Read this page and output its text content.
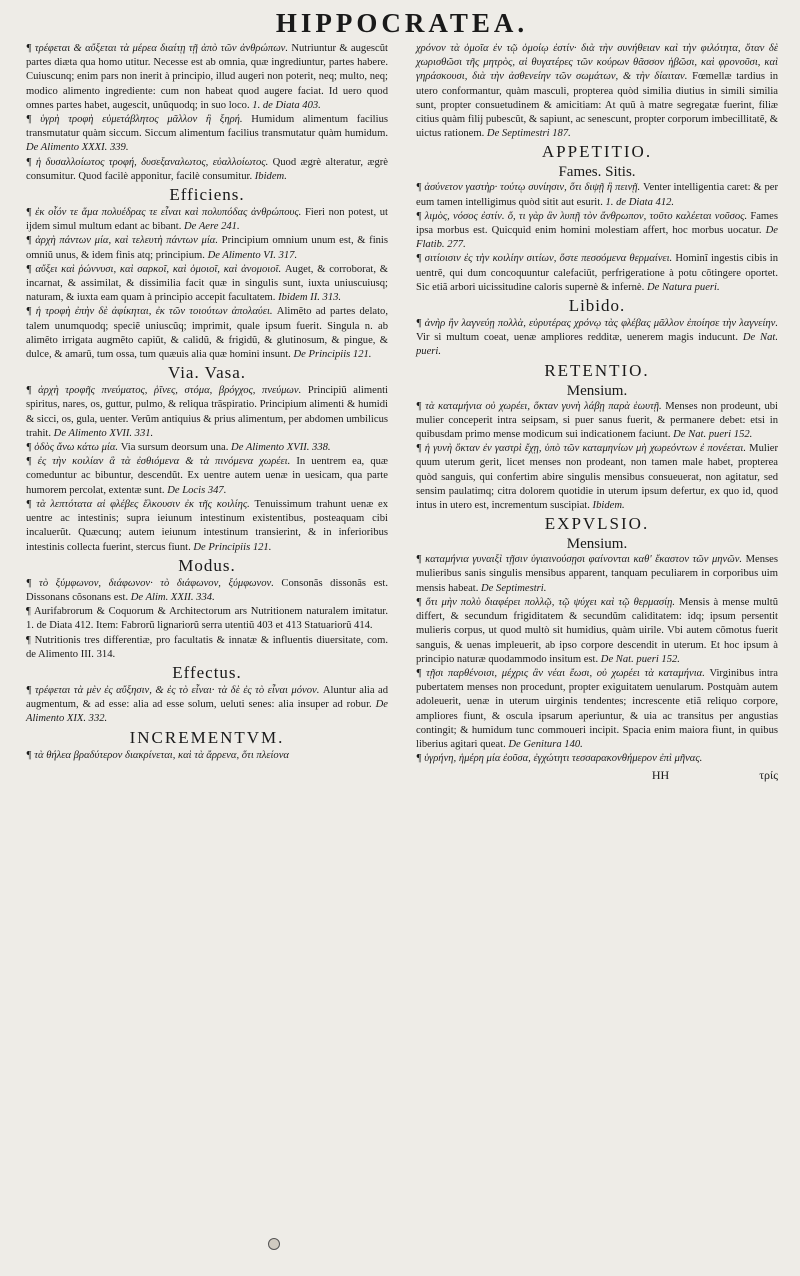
HIPPOCRATEA.

¶ τρέφεται & αὔξεται τὰ μέρεα διαίτῃ τῇ ἀπὸ τῶν ἀνθρώπων. Nutriuntur & augescũt partes diæta qua homo utitur. Necesse est ab omnia, quæ ingrediuntur, partes habere. Cuiuscunq; enim pars non inerit à principio, illud augeri non poterit, neq; multo, neq; modico alimento ingrediente: cum non habeat quod augere faciat. Id uero quod omnes partes habet, augescit, unũquodq; in suo loco. 1. de Diata 403.

¶ ὑγρὴ τροφὴ εὐμετάβλητος μᾶλλον ἢ ξηρή. Humidum alimentum facilius transmutatur quàm siccum. Siccum alimentum facilius transmutatur quàm humidum. De Alimento XXXI. 339.

¶ ἡ δυσαλλοίωτος τροφή, δυσεξαναλωτος, εὐαλλοίωτος. Quod ægrè alteratur, ægrè consumitur. Quod facilè apponitur, facilè consumitur. Ibidem.

Efficiens.

¶ ἐκ οἷόν τε ἅμα πολυέδρας τε εἶναι καὶ πολυπόδας ἀνθρώπους. Fieri non potest, ut ijdem simul multum edant ac bibant. De Aere 241.

¶ ἀρχὴ πάντων μία, καὶ τελευτὴ πάντων μία. Principium omnium unum est, & finis omniũ unus, & idem finis atq; principium. De Alimento VI. 317.

¶ αὔξει καὶ ῥώννυσι, καὶ σαρκοῖ, καὶ ὁμοιοῖ, καὶ ἀνομοιοῖ. Auget, & corroborat, & incarnat, & assimilat, & dissimilia facit quæ in singulis sunt, iuxta uniuscuiusq; naturam, & iuxta eam quam à principio accepit facultatem. Ibidem II. 313.

¶ ἡ τροφὴ ἐπὴν δὲ ἀφίκηται, ἐκ τῶν τοιούτων ἀπολαύει. Alimẽto ad partes delato, talem unumquodq; speciẽ uniuscũq; imprimit, quale ipsum fuerit. Singula n. ab alimẽto irrigata augmẽto capiũt, & calidũ, & frigidũ, & glutinosum, & pingue, & dulce, & amarũ, tum ossa, tum quæuis alia quæ homini insunt. De Principiis 121.

Via. Vasa.

¶ ἀρχὴ τροφῆς πνεύματος, ῥῖνες, στόμα, βρόγχος, πνεύμων. Principiũ alimenti spiritus, nares, os, guttur, pulmo, & reliqua trãspiratio. Principium alimenti & humidi & sicci, os, gula, uenter. Verũm antiquius & prius alimentum, per abdomen umbilicus trahit. De Alimento XVII. 331.

¶ ὁδὸς ἄνω κάτω μία. Via sursum deorsum una. De Alimento XVII. 338.

¶ ἐς τὴν κοιλίαν ἃ τὰ ἐσθιόμενα & τὰ πινόμενα χωρέει. In uentrem ea, quæ comeduntur ac bibuntur, descendũt. Ex uentre autem uenæ in uesicam, qua parte humorem percolat, extentæ sunt. De Locis 347.

¶ τὰ λεπτότατα αἱ φλέβες ἕλκουσιν ἐκ τῆς κοιλίης. Tenuissimum trahunt uenæ ex uentre ac intestinis; supra ieiunum intestinum existentibus, posteaquam cibi incaluerũt. Quæcunq; autem ieiunum intestinum transierint, & in inferioribus intestinis collecta fuerint, stercus fiunt. De Principiis 121.

Modus.

¶ τὸ ξύμφωνον, διάφωνον· τὸ διάφωνον, ξύμφωνον. Consonãs dissonãs est. Dissonans cõsonans est. De Alim. XXII. 334.

¶ Aurifabrorum & Coquorum & Architectorum ars Nutritionem naturalem imitatur. 1. de Diata 412. Item: Fabrorũ lignariorũ serra utentiũ 403 et 413 Statuariorũ 414.

¶ Nutritionis tres differentiæ, pro facultatis & innatæ & influentis diuersitate, com. de Alimento III. 314.

Effectus.

¶ τρέφεται τὰ μὲν ἐς αὔξησιν, & ἐς τὸ εἶναι· τὰ δὲ ἐς τὸ εἶναι μόνον. Aluntur alia ad augmentum, & ad esse: alia ad esse solum, ueluti senes: alia insuper ad robur. De Alimento XIX. 332.

INCREMENTVM.

¶ τὰ θήλεα βραδύτερον διακρίνεται, καὶ τὰ ἄρρενα, ὅτι πλείονα

χρόνον τὰ ὁμοῖα ἐν τῷ ὁμοίῳ ἐστίν· διὰ τὴν συνήθειαν καὶ τὴν φιλότητα, ὅταν δὲ χωρισθῶσι τῆς μητρὸς, αἱ θυγατέρες τῶν κούρων θᾶσσον ἡβῶσι, καὶ φρονοῦσι, καὶ γηράσκουσι, διὰ τὴν ἀσθενείην τῶν σωμάτων, & τὴν δίαιταν. Fœmellæ tardius in utero conformantur, quàm masculi, propterea quòd similia diutius in simili similia sunt, propter consuetudinem & amicitiam: At quũ à matre segregatæ fuerint, filiæ citius quàm filij pubescũt, & sapiunt, ac senescunt, propter corporum imbecillitatẽ, & uictus rationem. De Septimestri 187.

APPETITIO.
Fames. Sitis.

¶ ἀσύνετον γαστὴρ· τούτῳ συνίησιν, ὅτι διψῇ ἢ πεινῇ. Venter intelligentia caret: & per eum tamen intelligimus quòd sitit aut esurit. 1. de Diata 412.

¶ λιμὸς, νόσος ἐστίν. ὅ, τι γὰρ ἂν λυπῇ τὸν ἄνθρωπον, τοῦτο καλέεται νοῦσος. Fames ipsa morbus est. Quicquid enim homini molestiam affert, hoc morbus uocatur. De Flatib. 277.

¶ σιτίοισιν ἐς τὴν κοιλίην σιτίων, ὅστε πεσσόμενα θερμαίνει. Hominĩ ingestis cibis in uentrẽ, qui dum concoquuntur calefaciũt, perfrigeratione à potu cõtingere oportet. Sic etiã arbori uicissitudine caloris supernè & infernè. De Natura pueri.

Libido.

¶ ἀνὴρ ἢν λαγνεύῃ πολλὰ, εὐρυτέρας χρόνῳ τὰς φλέβας μᾶλλον ἐποίησε τὴν λαγνείην. Vir si multum coeat, uenæ ampliores redditæ, uenerem magis inducunt. De Nat. pueri.

RETENTIO.
Mensium.

¶ τὰ καταμήνια οὐ χωρέει, ὅκταν γυνὴ λάβῃ παρὰ ἑωυτῇ. Menses non prodeunt, ubi mulier conceperit intra seipsam, si puer sanus fuerit, & permanere debet: etsi in quibusdam primo mense modicum sui indicationem faciunt. De Nat. pueri 152.

¶ ἡ γυνὴ ὅκταν ἐν γαστρὶ ἔχῃ, ὑπὸ τῶν καταμηνίων μὴ χωρεόντων ἐ πονέεται. Mulier quum uterum gerit, licet menses non prodeant, non tamen male habet, propterea quòd sanguis, qui confertim abire singulis mensibus consueuerat, non agitatur, sed sensim paulatimq; citra dolorem quotidie in uterum ipsum defertur, ex quo id, quod intus in utero est, incrementum suscipiat. Ibidem.

EXPVLSIO.
Mensium.

¶ καταμήνια γυναιξὶ τῇσιν ὑγιαινούσῃσι φαίνονται καθ' ἕκαστον τῶν μηνῶν. Menses mulieribus sanis singulis mensibus apparent, tanquam peculiarem in corporibus uim mensis habeat. De Septimestri.

¶ ὅτι μὴν πολὺ διαφέρει πολλῷ, τῷ ψύχει καὶ τῷ θερμασίῃ. Mensis à mense multũ differt, & secundum frigiditatem & secundũm caliditatem: idq; ipsum persentit mulieris corpus, ut quod multò sit humidius, quàm uirile. Vbi autem cõmotus fuerit sanguis, & uenas impleuerit, ab ipso corpore descendit in uterum. Et hoc ipsum à principio naturæ quodammodo insitum est. De Nat. pueri 152.

¶ τῇσι παρθένοισι, μέχρις ἂν νέαι ἔωσι, οὐ χωρέει τὰ καταμήνια. Virginibus intra pubertatem menses non procedunt, propter exiguitatem uenularum. Postquàm autem adoleuerit, uenæ in uterum uirginis tendentes; increscente etiã reliquo corpore, ampliores fiunt, & oscula ipsarum aperiuntur, & uia ac transitus per angustias contingit; & humidum tunc commoueri incipit. Spacia enim maiora fiunt, in quibus liberius agitari queat. De Genitura 140.

¶ ὑγρήνη, ἡμέρη μία ἐοῦσα, ἐγχώτητι τεσσαρακονθήμερον ἐπὶ μῆνας.

HH	τρίς
